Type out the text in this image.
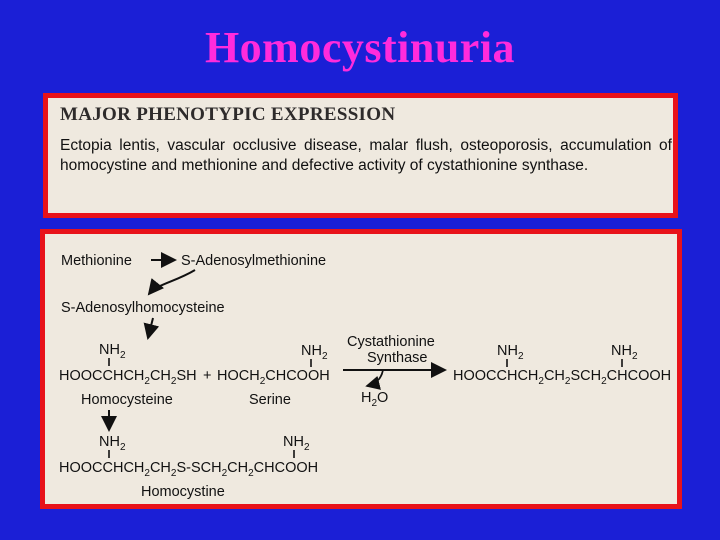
Homocystinuria
MAJOR PHENOTYPIC EXPRESSION
Ectopia lentis, vascular occlusive disease, malar flush, osteoporosis, accumulation of homocystine and methionine and defective activity of cystathionine synthase.
Methionine	S-Adenosylmethionine
S-Adenosylhomocysteine
$NH_2$	$NH_2$
$HOOCCHCH_2CH_2SH$ + $HOCH_2CHCOOH$
Homocysteine	Serine
Cystathionine
Synthase
$H_2O$
$NH_2$	$NH_2$
$HOOCCHCH_2CH_2SCH_2CHCOOH$
$NH_2$	$NH_2$
$HOOCCHCH_2CH_2S-SCH_2CH_2CHCOOH$
Homocystine
